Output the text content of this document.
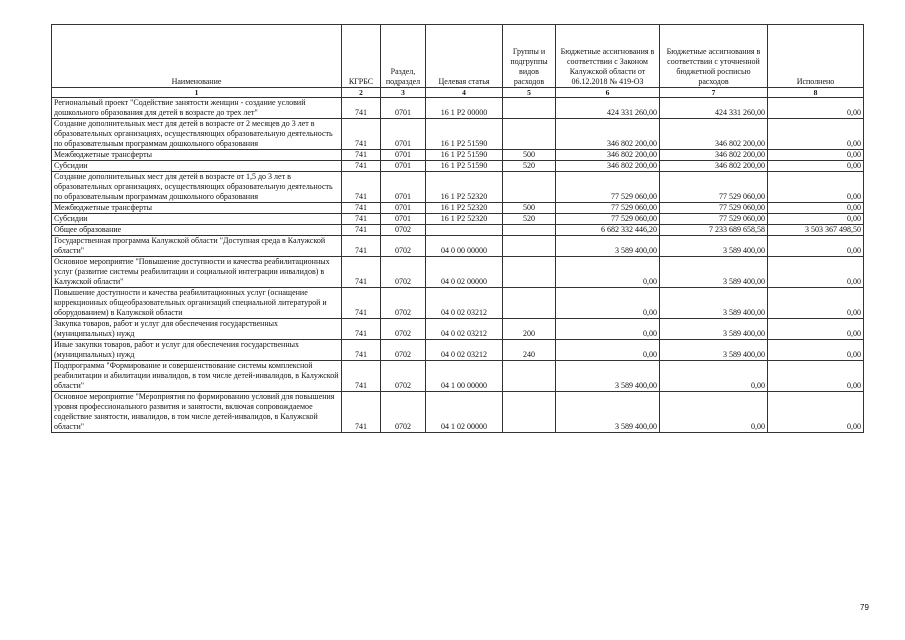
Наименование	КГРБС	Раздел, подраздел	Целевая статья	Группы и подгруппы видов расходов	Бюджетные ассигнования в соответствии с Законом Калужской области от 06.12.2018 № 419-ОЗ	Бюджетные ассигнования в соответствии с уточненной бюджетной росписью расходов	Исполнено
1	2	3	4	5	6	7	8
Региональный проект "Содействие занятости женщин - создание условий дошкольного образования для детей в возрасте до трех лет"	741	0701	16 1 P2 00000		424 331 260,00	424 331 260,00	0,00
Создание дополнительных мест для детей в возрасте от 2 месяцев до 3 лет в образовательных организациях, осуществляющих образовательную деятельность по образовательным программам дошкольного образования	741	0701	16 1 P2 51590		346 802 200,00	346 802 200,00	0,00
Межбюджетные трансферты	741	0701	16 1 P2 51590	500	346 802 200,00	346 802 200,00	0,00
Субсидии	741	0701	16 1 P2 51590	520	346 802 200,00	346 802 200,00	0,00
Создание дополнительных мест для детей в возрасте от 1,5 до 3 лет в образовательных организациях, осуществляющих образовательную деятельность по образовательным программам дошкольного образования	741	0701	16 1 P2 52320		77 529 060,00	77 529 060,00	0,00
Межбюджетные трансферты	741	0701	16 1 P2 52320	500	77 529 060,00	77 529 060,00	0,00
Субсидии	741	0701	16 1 P2 52320	520	77 529 060,00	77 529 060,00	0,00
Общее образование	741	0702			6 682 332 446,20	7 233 689 658,58	3 503 367 498,50
Государственная программа Калужской области "Доступная среда в Калужской области"	741	0702	04 0 00 00000		3 589 400,00	3 589 400,00	0,00
Основное мероприятие "Повышение доступности и качества реабилитационных услуг (развитие системы реабилитации и социальной интеграции инвалидов) в Калужской области"	741	0702	04 0 02 00000		0,00	3 589 400,00	0,00
Повышение доступности и качества реабилитационных услуг (оснащение коррекционных общеобразовательных организаций специальной литературой и оборудованием) в Калужской области	741	0702	04 0 02 03212		0,00	3 589 400,00	0,00
Закупка товаров, работ и услуг для обеспечения государственных (муниципальных) нужд	741	0702	04 0 02 03212	200	0,00	3 589 400,00	0,00
Иные закупки товаров, работ и услуг для обеспечения государственных (муниципальных) нужд	741	0702	04 0 02 03212	240	0,00	3 589 400,00	0,00
Подпрограмма "Формирование и совершенствование системы комплексной реабилитации и абилитации инвалидов, в том числе детей-инвалидов, в Калужской области"	741	0702	04 1 00 00000		3 589 400,00	0,00	0,00
Основное мероприятие "Мероприятия по формированию условий для повышения уровня профессионального развития и занятости, включая сопровождаемое содействие занятости, инвалидов, в том числе детей-инвалидов, в Калужской области"	741	0702	04 1 02 00000		3 589 400,00	0,00	0,00
79
